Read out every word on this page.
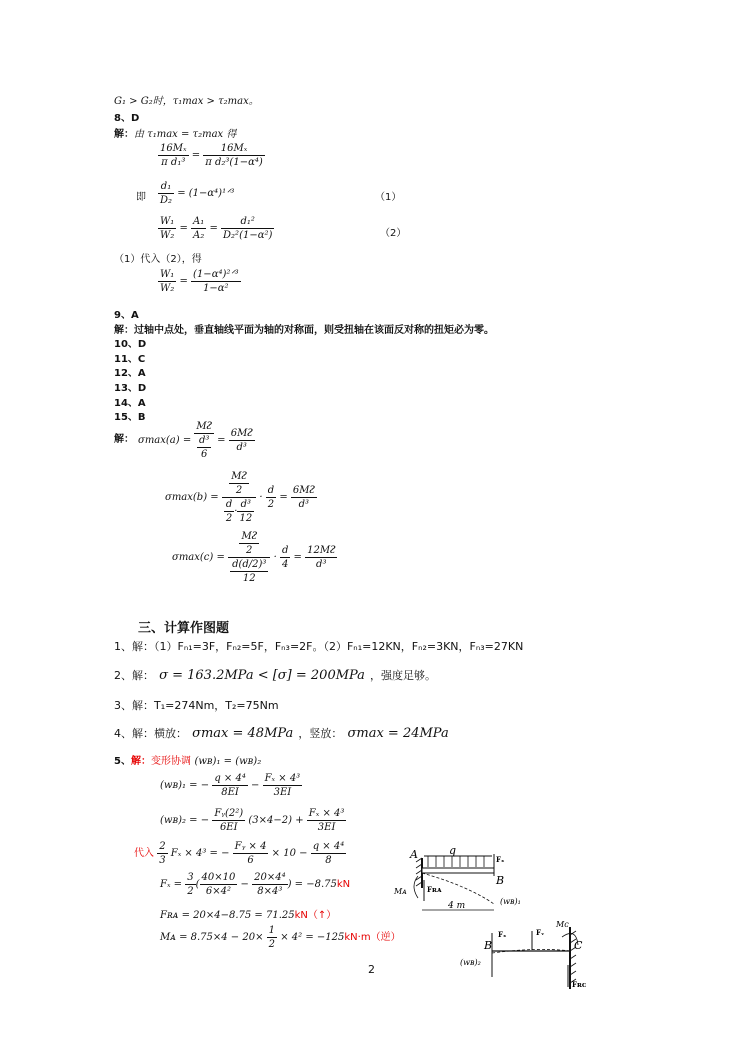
G₁ > G₂时，τ₁max > τ₂max。
8、D
解：由 τ₁max = τ₂max 得
$\frac{\text{16Mₓ}}{\text{π d₁³}} = \frac{\text{16Mₓ}}{\text{π d₂³(1−α⁴)}}$
即 $\frac{\text{d₁}}{\text{D₂}}$ = (1−α⁴)¹ᐟ³	（1）
$\frac{\text{W₁}}{\text{W₂}} = \frac{\text{A₁}}{\text{A₂}} = \frac{\text{d₁²}}{\text{D₂²(1−α²)}}$	（2）
（1）代入（2），得
$\frac{\text{W₁}}{\text{W₂}} = \frac{\text{(1−α⁴)²ᐟ³}}{\text{1−α²}}$
9、A
解：过轴中点处，垂直轴线平面为轴的对称面，则受扭轴在该面反对称的扭矩必为零。
10、D
11、C
12、A
13、D
14、A
15、B
解： $\sigma\max(a) = \frac{\text{Mᴤ}}{\frac{\text{d³}}{6}} = \frac{\text{6Mᴤ}}{\text{d³}}$
$\sigma\max(b) = \frac{\frac{\text{Mᴤ}}{2}}{\frac{d}{2} \cdot \frac{\text{d³}}{12}} \cdot \frac{d}{2} = \frac{\text{6Mᴤ}}{\text{d³}}$
$\sigma\max(c) = \frac{\frac{\text{Mᴤ}}{2}}{\frac{\text{d(d/2)³}}{12}} \cdot \frac{d}{4} = \frac{\text{12Mᴤ}}{\text{d³}}$
三、计算作图题
1、解：（1）Fₙ₁=3F，Fₙ₂=5F，Fₙ₃=2F。（2）Fₙ₁=12KN，Fₙ₂=3KN，Fₙ₃=27KN
2、解： σ = 163.2MPa < [σ] = 200MPa ，强度足够。
3、解：T₁=274Nm，T₂=75Nm
4、解：横放： σmax = 48MPa ，竖放： σmax = 24MPa
5、解：变形协调 (wʙ)₁ = (wʙ)₂
(wʙ)₁ = − $\frac{\text{q × 4⁴}}{8EI} - \frac{\text{Fₓ × 4³}}{3EI}$
(wʙ)₂ = − $\frac{\text{Fᵧ(2²)}}{6EI} (3\times 4-2) + \frac{\text{Fₓ × 4³}}{3EI}$
代入 $\frac{2}{3}$ Fₓ × 4³ = − $\frac{\text{Fᵧ × 4}}{6} \times 10 - \frac{\text{q × 4⁴}}{8}$
$F_x = \frac{3}{2}$ ( $\frac{40\times 10}{\text{6×4²}} - \frac{\text{20×4⁴}}{\text{8×4³}}$ ) = −8.75kN
Fʀᴀ = 20×4−8.75 = 71.25kN（↑）
Mᴀ = $8.75\times 4 - 20\times \frac{1}{2} \times 4^2 = -125kN\cdot m$（逆）
A	q
Fₓ
B
Mᴀ	Fʀᴀ
4 m	(wʙ)₁
B
Fₓ	Fᵥ
Mᴄ
C
(wʙ)₂
Fʀᴄ
2
